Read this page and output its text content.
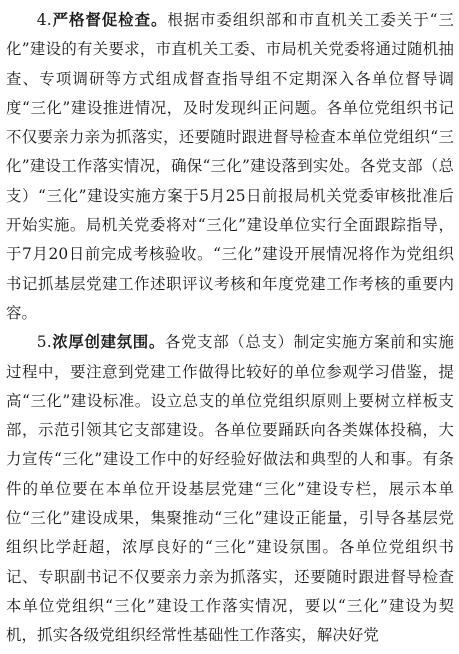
4.严格督促检查。根据市委组织部和市直机关工委关于“三化”建设的有关要求，市直机关工委、市局机关党委将通过随机抽查、专项调研等方式组成督查指导组不定期深入各单位督导调度“三化”建设推进情况，及时发现纠正问题。各单位党组织书记不仅要亲力亲为抓落实，还要随时跟进督导检查本单位党组织“三化”建设工作落实情况，确保“三化”建设落到实处。各党支部（总支）“三化”建设实施方案于5月25日前报局机关党委审核批准后开始实施。局机关党委将对“三化”建设单位实行全面跟踪指导，于7月20日前完成考核验收。“三化”建设开展情况将作为党组织书记抓基层党建工作述职评议考核和年度党建工作考核的重要内容。

5.浓厚创建氛围。各党支部（总支）制定实施方案前和实施过程中，要注意到党建工作做得比较好的单位参观学习借鉴，提高“三化”建设标准。设立总支的单位党组织原则上要树立样板支部，示范引领其它支部建设。各单位要踊跃向各类媒体投稿，大力宣传“三化”建设工作中的好经验好做法和典型的人和事。有条件的单位要在本单位开设基层党建“三化”建设专栏，展示本单位“三化”建设成果，集聚推动“三化”建设正能量，引导各基层党组织比学赶超，浓厚良好的“三化”建设氛围。各单位党组织书记、专职副书记不仅要亲力亲为抓落实，还要随时跟进督导检查本单位党组织“三化”建设工作落实情况，要以“三化”建设为契机，抓实各级党组织经常性基础性工作落实，解决好党
